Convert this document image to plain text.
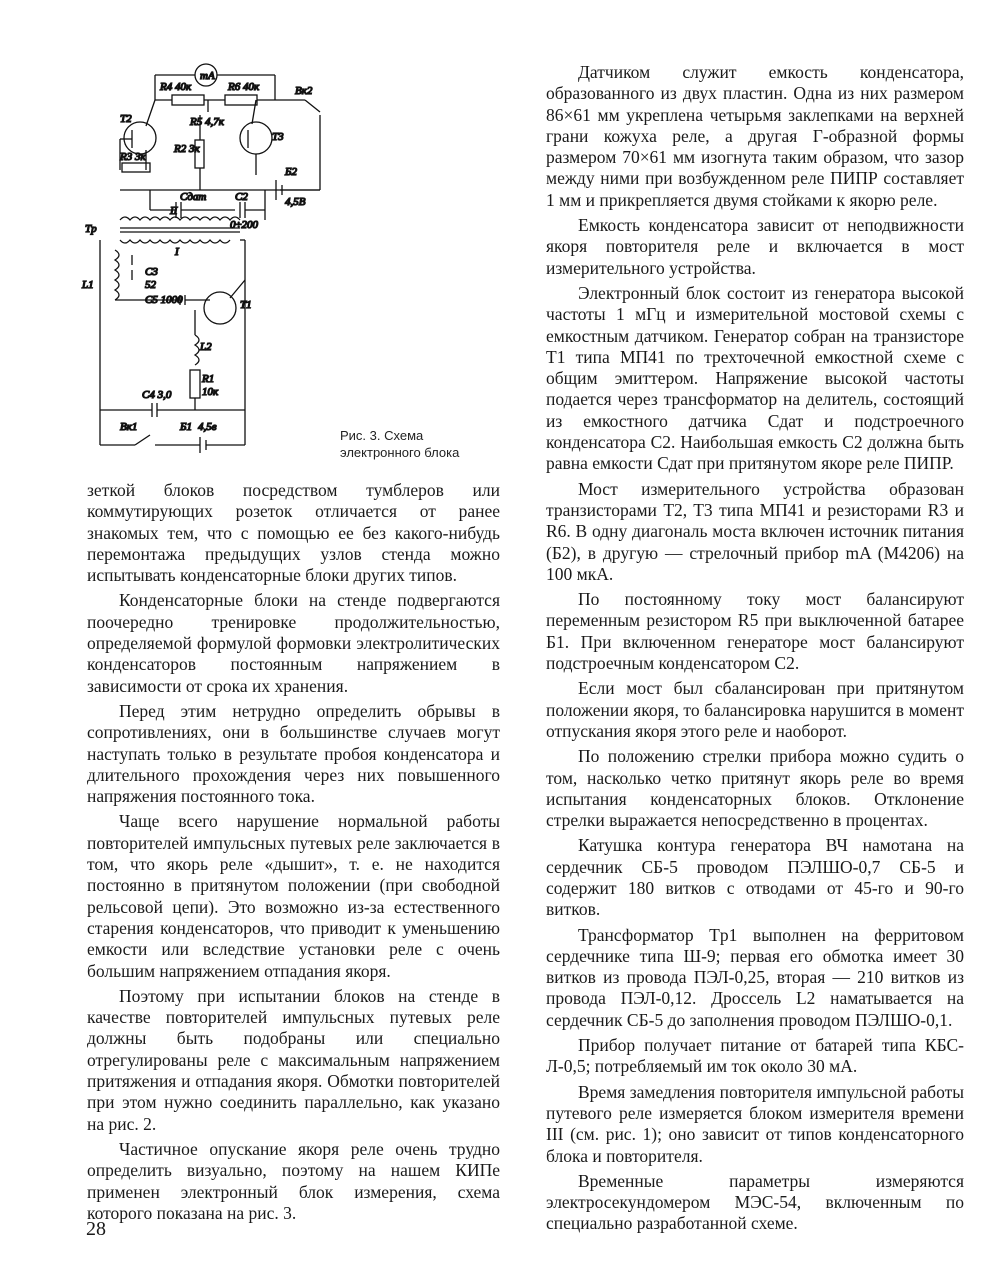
mA
R4 40к	R6 40к
R5 4,7к
T2
T3
Вк2
R3 3к
R2 3к
Б2
4,5В
Cдат	C2
0÷200
Tр
II
I
C3
52
L1
C5 1000	T1
L2
R1
10к
C4 3,0
Вк1	Б1 4,5в
Рис. 3. Схема электронного блока

зеткой блоков посредством тумблеров или коммутирующих розеток отличается от ранее знакомых тем, что с помощью ее без какого-нибудь перемонтажа предыдущих узлов стенда можно испытывать конденсаторные блоки других типов.

Конденсаторные блоки на стенде подвергаются поочередно тренировке продолжительностью, определяемой формулой формовки электролитических конденсаторов постоянным напряжением в зависимости от срока их хранения.

Перед этим нетрудно определить обрывы в сопротивлениях, они в большинстве случаев могут наступать только в результате пробоя конденсатора и длительного прохождения через них повышенного напряжения постоянного тока.

Чаще всего нарушение нормальной работы повторителей импульсных путевых реле заключается в том, что якорь реле «дышит», т. е. не находится постоянно в притянутом положении (при свободной рельсовой цепи). Это возможно из-за естественного старения конденсаторов, что приводит к уменьшению емкости или вследствие установки реле с очень большим напряжением отпадания якоря.

Поэтому при испытании блоков на стенде в качестве повторителей импульсных путевых реле должны быть подобраны или специально отрегулированы реле с максимальным напряжением притяжения и отпадания якоря. Обмотки повторителей при этом нужно соединить параллельно, как указано на рис. 2.

Частичное опускание якоря реле очень трудно определить визуально, поэтому на нашем КИПе применен электронный блок измерения, схема которого показана на рис. 3.

Датчиком служит емкость конденсатора, образованного из двух пластин. Одна из них размером 86×61 мм укреплена четырьмя заклепками на верхней грани кожуха реле, а другая Г-образной формы размером 70×61 мм изогнута таким образом, что зазор между ними при возбужденном реле ПИПР составляет 1 мм и прикрепляется двумя стойками к якорю реле.

Емкость конденсатора зависит от неподвижности якоря повторителя реле и включается в мост измерительного устройства.

Электронный блок состоит из генератора высокой частоты 1 мГц и измерительной мостовой схемы с емкостным датчиком. Генератор собран на транзисторе Т1 типа МП41 по трехточечной емкостной схеме с общим эмиттером. Напряжение высокой частоты подается через трансформатор на делитель, состоящий из емкостного датчика Cдат и подстроечного конденсатора C2. Наибольшая емкость C2 должна быть равна емкости Cдат при притянутом якоре реле ПИПР.

Мост измерительного устройства образован транзисторами T2, T3 типа МП41 и резисторами R3 и R6. В одну диагональ моста включен источник питания (Б2), в другую — стрелочный прибор mA (М4206) на 100 мкА.

По постоянному току мост балансируют переменным резистором R5 при выключенной батарее Б1. При включенном генераторе мост балансируют подстроечным конденсатором C2.

Если мост был сбалансирован при притянутом положении якоря, то балансировка нарушится в момент отпускания якоря этого реле и наоборот.

По положению стрелки прибора можно судить о том, насколько четко притянут якорь реле во время испытания конденсаторных блоков. Отклонение стрелки выражается непосредственно в процентах.

Катушка контура генератора ВЧ намотана на сердечник СБ-5 проводом ПЭЛШО-0,7 СБ-5 и содержит 180 витков с отводами от 45-го и 90-го витков.

Трансформатор Tp1 выполнен на ферритовом сердечнике типа Ш-9; первая его обмотка имеет 30 витков из провода ПЭЛ-0,25, вторая — 210 витков из провода ПЭЛ-0,12. Дроссель L2 наматывается на сердечник СБ-5 до заполнения проводом ПЭЛШО-0,1.

Прибор получает питание от батарей типа КБС-Л-0,5; потребляемый им ток около 30 мА.

Время замедления повторителя импульсной работы путевого реле измеряется блоком измерителя времени III (см. рис. 1); оно зависит от типов конденсаторного блока и повторителя.

Временные параметры измеряются электросекундомером МЭС-54, включенным по специально разработанной схеме.

28
